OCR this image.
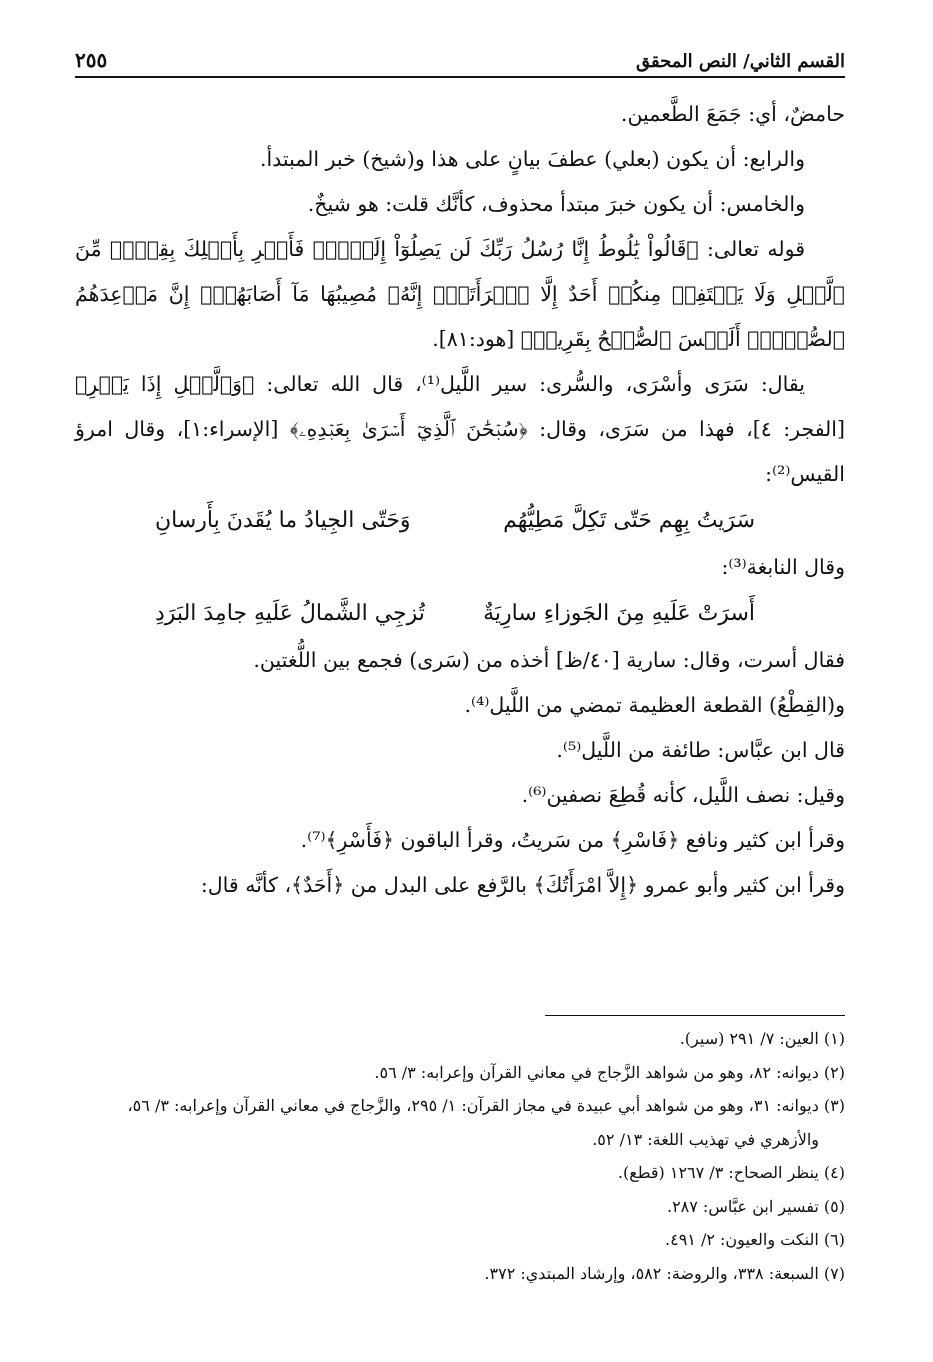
القسم الثاني/ النص المحقق
٢٥٥

حامضٌ، أي: جَمَعَ الطَّعمين.

والرابع: أن يكون (بعلي) عطفَ بيانٍ على هذا و(شيخ) خبر المبتدأ.

والخامس: أن يكون خبرَ مبتدأ محذوف، كأنَّك قلت: هو شيخٌ.

قوله تعالى: ﴿قَالُواْ يَٰلُوطُ إِنَّا رُسُلُ رَبِّكَ لَن يَصِلُوٓاْ إِلَيۡكَۖ فَأَسۡرِ بِأَهۡلِكَ بِقِطۡعٖ مِّنَ ٱلَّيۡلِ وَلَا يَلۡتَفِتۡ مِنكُمۡ أَحَدٌ إِلَّا ٱمۡرَأَتَكَۖ إِنَّهُۥ مُصِيبُهَا مَآ أَصَابَهُمۡۚ إِنَّ مَوۡعِدَهُمُ ٱلصُّبۡحُۚ أَلَيۡسَ ٱلصُّبۡحُ بِقَرِيبٖ﴾ [هود:٨١].

يقال: سَرَى وأسْرَى، والسُّرى: سير اللَّيل⁽¹⁾، قال الله تعالى: ﴿وَٱلَّيۡلِ إِذَا يَسۡرِ﴾ [الفجر: ٤]، فهذا من سَرَى، وقال: ﴿سُبۡحَٰنَ ٱلَّذِيٓ أَسۡرَىٰ بِعَبۡدِهِۦ﴾ [الإسراء:١]، وقال امرؤ القيس⁽²⁾:

سَرَيتُ بِهِم حَتّى تَكِلَّ مَطِيُّهُم
وَحَتّى الجِيادُ ما يُقَدنَ بِأَرسانِ

وقال النابغة⁽³⁾:

أَسرَتْ عَلَيهِ مِنَ الجَوزاءِ سارِيَةٌ
تُزجِي الشَّمالُ عَلَيهِ جامِدَ البَرَدِ

فقال أسرت، وقال: سارية [٤٠/ظ] أخذه من (سَرى) فجمع بين اللُّغتين.

و(القِطْعُ) القطعة العظيمة تمضي من اللَّيل⁽⁴⁾.

قال ابن عبَّاس: طائفة من اللَّيل⁽⁵⁾.

وقيل: نصف اللَّيل، كأنه قُطِعَ نصفين⁽⁶⁾.

وقرأ ابن كثير ونافع ﴿فَاسْرِ﴾ من سَريتُ، وقرأ الباقون ﴿فَأَسْرِ﴾⁽⁷⁾.

وقرأ ابن كثير وأبو عمرو ﴿إِلاَّ امْرَأَتُكَ﴾ بالرَّفع على البدل من ﴿أَحَدٌ﴾، كأنَّه قال:

(١) العين: ٧/ ٢٩١ (سير).

(٢) ديوانه: ٨٢، وهو من شواهد الزَّجاج في معاني القرآن وإعرابه: ٣/ ٥٦.

(٣) ديوانه: ٣١، وهو من شواهد أبي عبيدة في مجاز القرآن: ١/ ٢٩٥، والزَّجاج في معاني القرآن وإعرابه: ٣/ ٥٦،

والأزهري في تهذيب اللغة: ١٣/ ٥٢.

(٤) ينظر الصحاح: ٣/ ١٢٦٧ (قطع).

(٥) تفسير ابن عبَّاس: ٢٨٧.

(٦) النكت والعيون: ٢/ ٤٩١.

(٧) السبعة: ٣٣٨، والروضة: ٥٨٢، وإرشاد المبتدي: ٣٧٢.
